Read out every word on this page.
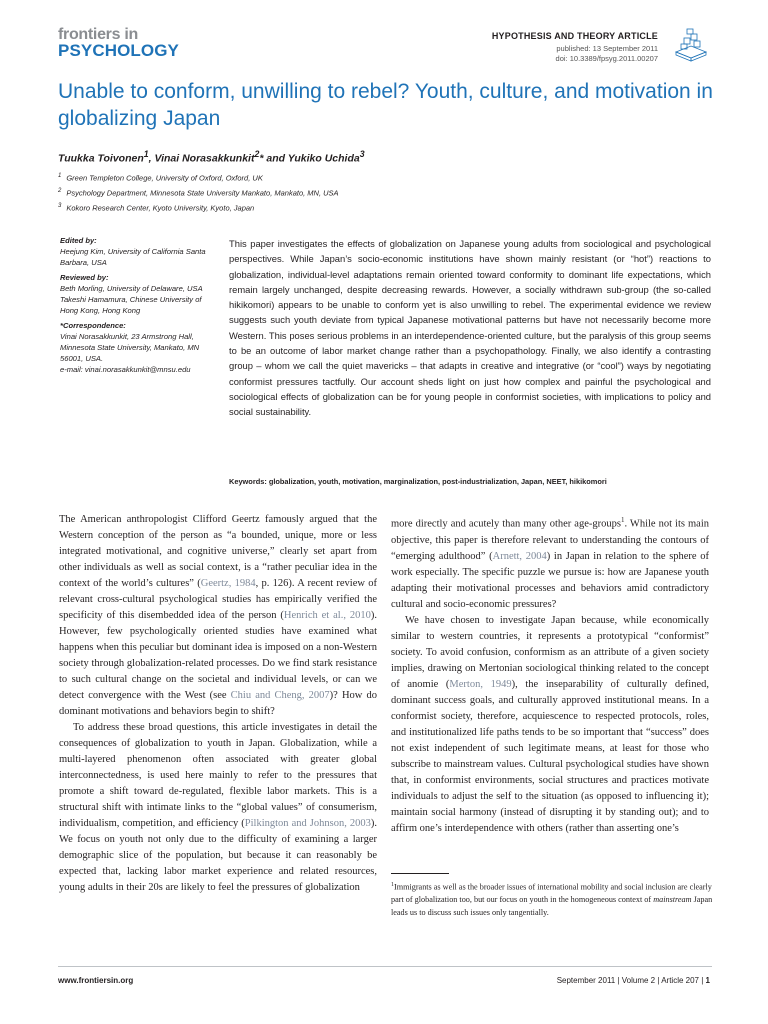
frontiers in
PSYCHOLOGY
HYPOTHESIS AND THEORY ARTICLE
published: 13 September 2011
doi: 10.3389/fpsyg.2011.00207
Unable to conform, unwilling to rebel? Youth, culture, and motivation in globalizing Japan
Tuukka Toivonen$^1$, Vinai Norasakkunkit$^2$* and Yukiko Uchida$^3$
$^1$ Green Templeton College, University of Oxford, Oxford, UK
$^2$ Psychology Department, Minnesota State University Mankato, Mankato, MN, USA
$^3$ Kokoro Research Center, Kyoto University, Kyoto, Japan
Edited by:
Heejung Kim, University of California Santa Barbara, USA
Reviewed by:
Beth Morling, University of Delaware, USA
Takeshi Hamamura, Chinese University of Hong Kong, Hong Kong
*Correspondence:
Vinai Norasakkunkit, 23 Armstrong Hall, Minnesota State University, Mankato, MN 56001, USA.
e-mail: vinai.norasakkunkit@mnsu.edu
This paper investigates the effects of globalization on Japanese young adults from sociological and psychological perspectives. While Japan’s socio-economic institutions have shown mainly resistant (or “hot”) reactions to globalization, individual-level adaptations remain oriented toward conformity to dominant life expectations, which remain largely unchanged, despite decreasing rewards. However, a socially withdrawn sub-group (the so-called hikikomori) appears to be unable to conform yet is also unwilling to rebel. The experimental evidence we review suggests such youth deviate from typical Japanese motivational patterns but have not necessarily become more Western. This poses serious problems in an interdependence-oriented culture, but the paralysis of this group seems to be an outcome of labor market change rather than a psychopathology. Finally, we also identify a contrasting group – whom we call the quiet mavericks – that adapts in creative and integrative (or “cool”) ways by negotiating conformist pressures tactfully. Our account sheds light on just how complex and painful the psychological and sociological effects of globalization can be for young people in conformist societies, with implications to policy and social sustainability.
Keywords: globalization, youth, motivation, marginalization, post-industrialization, Japan, NEET, hikikomori

The American anthropologist Clifford Geertz famously argued that the Western conception of the person as “a bounded, unique, more or less integrated motivational, and cognitive universe,” clearly set apart from other individuals as well as social context, is a “rather peculiar idea in the context of the world’s cultures” (Geertz, 1984, p. 126). A recent review of relevant cross-cultural psychological studies has empirically verified the specificity of this disembedded idea of the person (Henrich et al., 2010). However, few psychologically oriented studies have examined what happens when this peculiar but dominant idea is imposed on a non-Western society through globalization-related processes. Do we find stark resistance to such cultural change on the societal and individual levels, or can we detect convergence with the West (see Chiu and Cheng, 2007)? How do dominant motivations and behaviors begin to shift?

To address these broad questions, this article investigates in detail the consequences of globalization to youth in Japan. Globalization, while a multi-layered phenomenon often associated with greater global interconnectedness, is used here mainly to refer to the pressures that promote a shift toward de-regulated, flexible labor markets. This is a structural shift with intimate links to the “global values” of consumerism, individualism, competition, and efficiency (Pilkington and Johnson, 2003). We focus on youth not only due to the difficulty of examining a larger demographic slice of the population, but because it can reasonably be expected that, lacking labor market experience and related resources, young adults in their 20s are likely to feel the pressures of globalization

more directly and acutely than many other age-groups$^1$. While not its main objective, this paper is therefore relevant to understanding the contours of “emerging adulthood” (Arnett, 2004) in Japan in relation to the sphere of work especially. The specific puzzle we pursue is: how are Japanese youth adapting their motivational processes and behaviors amid contradictory cultural and socio-economic pressures?

We have chosen to investigate Japan because, while economically similar to western countries, it represents a prototypical “conformist” society. To avoid confusion, conformism as an attribute of a given society implies, drawing on Mertonian sociological thinking related to the concept of anomie (Merton, 1949), the inseparability of culturally defined, dominant success goals, and culturally approved institutional means. In a conformist society, therefore, acquiescence to respected protocols, roles, and institutionalized life paths tends to be so important that “success” does not exist independent of such legitimate means, at least for those who subscribe to mainstream values. Cultural psychological studies have shown that, in conformist environments, social structures and practices motivate individuals to adjust the self to the situation (as opposed to influencing it); maintain social harmony (instead of disrupting it by standing out); and to affirm one’s interdependence with others (rather than asserting one’s

$^1$Immigrants as well as the broader issues of international mobility and social inclusion are clearly part of globalization too, but our focus on youth in the homogeneous context of mainstream Japan leads us to discuss such issues only tangentially.
www.frontiersin.org	September 2011 | Volume 2 | Article 207 | 1
